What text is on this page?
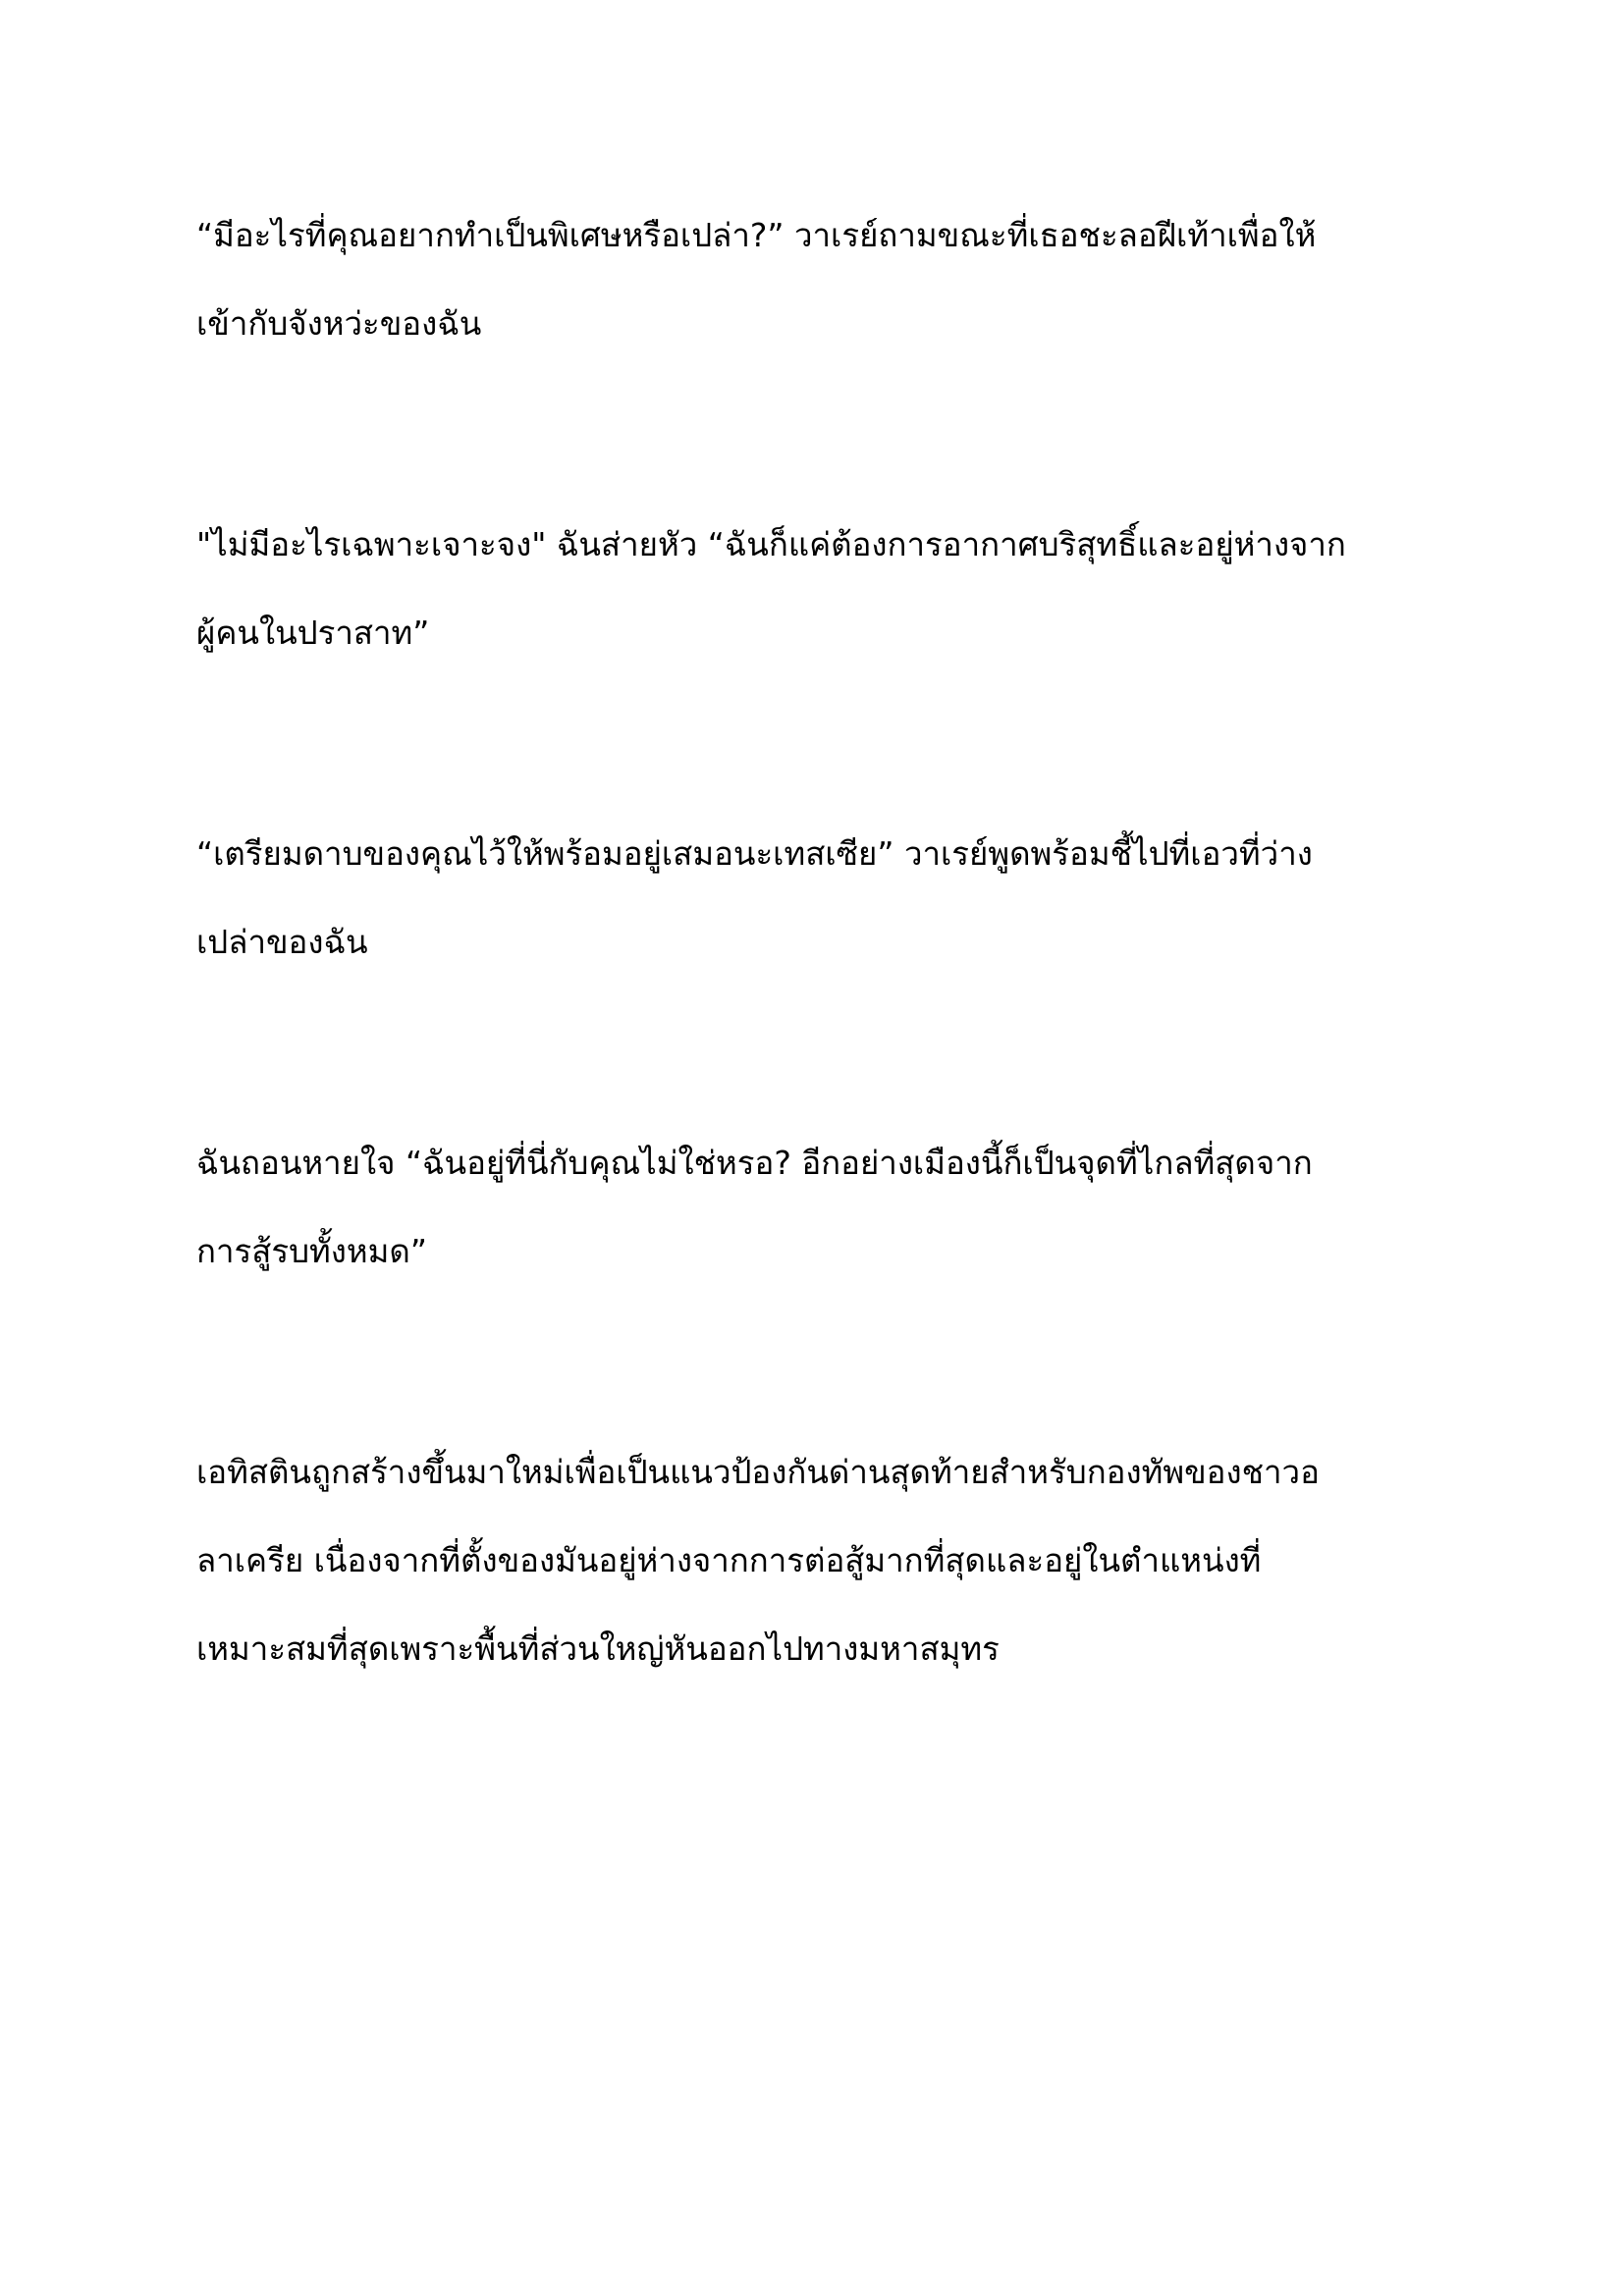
“มีอะไรที่คุณอยากทำเป็นพิเศษหรือเปล่า?” วาเรย์ถามขณะที่เธอชะลอฝีเท้าเพื่อให้
เข้ากับจังหว่ะของฉัน

"ไม่มีอะไรเฉพาะเจาะจง" ฉันส่ายหัว “ฉันก็แค่ต้องการอากาศบริสุทธิ์และอยู่ห่างจาก
ผู้คนในปราสาท”

“เตรียมดาบของคุณไว้ให้พร้อมอยู่เสมอนะเทสเซีย” วาเรย์พูดพร้อมชี้ไปที่เอวที่ว่าง
เปล่าของฉัน

ฉันถอนหายใจ “ฉันอยู่ที่นี่กับคุณไม่ใช่หรอ? อีกอย่างเมืองนี้ก็เป็นจุดที่ไกลที่สุดจาก
การสู้รบทั้งหมด”

เอทิสตินถูกสร้างขึ้นมาใหม่เพื่อเป็นแนวป้องกันด่านสุดท้ายสำหรับกองทัพของชาวอ
ลาเครีย เนื่องจากที่ตั้งของมันอยู่ห่างจากการต่อสู้มากที่สุดและอยู่ในตำแหน่งที่
เหมาะสมที่สุดเพราะพื้นที่ส่วนใหญ่หันออกไปทางมหาสมุทร
